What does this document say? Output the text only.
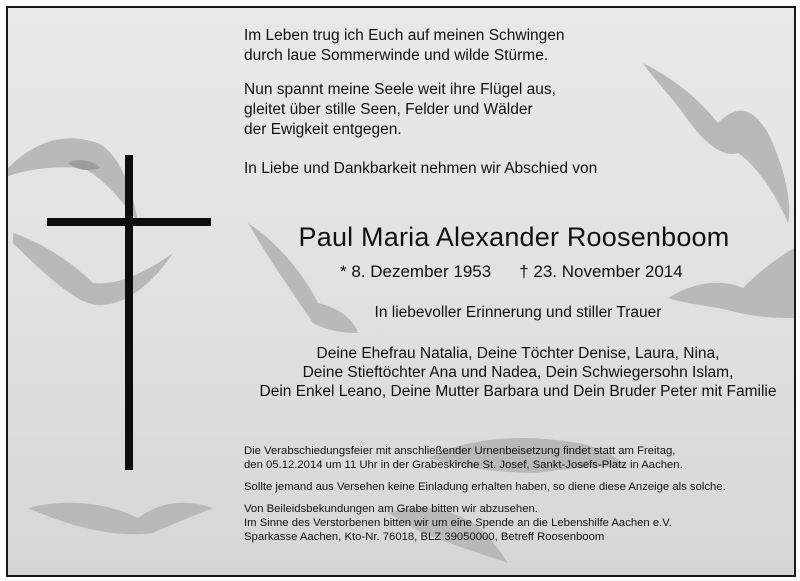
Im Leben trug ich Euch auf meinen Schwingen
durch laue Sommerwinde und wilde Stürme.
Nun spannt meine Seele weit ihre Flügel aus,
gleitet über stille Seen, Felder und Wälder
der Ewigkeit entgegen.
In Liebe und Dankbarkeit nehmen wir Abschied von
Paul Maria Alexander Roosenboom
* 8. Dezember 1953 † 23. November 2014
In liebevoller Erinnerung und stiller Trauer
Deine Ehefrau Natalia, Deine Töchter Denise, Laura, Nina,
Deine Stieftöchter Ana und Nadea, Dein Schwiegersohn Islam,
Dein Enkel Leano, Deine Mutter Barbara und Dein Bruder Peter mit Familie
Die Verabschiedungsfeier mit anschließender Urnenbeisetzung findet statt am Freitag,
den 05.12.2014 um 11 Uhr in der Grabeskirche St. Josef, Sankt-Josefs-Platz in Aachen.
Sollte jemand aus Versehen keine Einladung erhalten haben, so diene diese Anzeige als solche.
Von Beileidsbekundungen am Grabe bitten wir abzusehen.
Im Sinne des Verstorbenen bitten wir um eine Spende an die Lebenshilfe Aachen e.V.
Sparkasse Aachen, Kto-Nr. 76018, BLZ 39050000, Betreff Roosenboom
